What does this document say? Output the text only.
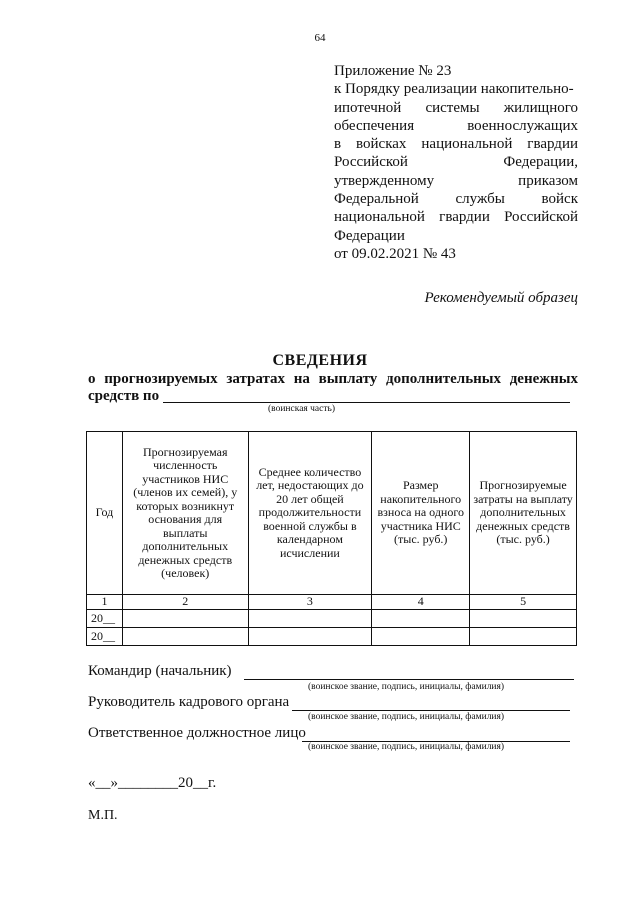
64
Приложение № 23
к Порядку реализации накопительно-
ипотечной системы жилищного
обеспечения военнослужащих
в войсках национальной гвардии
Российской Федерации,
утвержденному приказом
Федеральной службы войск
национальной гвардии Российской
Федерации
от 09.02.2021 № 43
Рекомендуемый образец
СВЕДЕНИЯ
о прогнозируемых затратах на выплату дополнительных денежных
средств по
(воинская часть)
Год	Прогнозируемая численность участников НИС (членов их семей), у которых возникнут основания для выплаты дополнительных денежных средств (человек)	Среднее количество лет, недостающих до 20 лет общей продолжительности военной службы в календарном исчислении	Размер накопительного взноса на одного участника НИС (тыс. руб.)	Прогнозируемые затраты на выплату дополнительных денежных средств (тыс. руб.)
1	2	3	4	5
20__				
20__				
Командир (начальник)
(воинское звание, подпись, инициалы, фамилия)
Руководитель кадрового органа
(воинское звание, подпись, инициалы, фамилия)
Ответственное должностное лицо
(воинское звание, подпись, инициалы, фамилия)
«__»________20__г.
М.П.
